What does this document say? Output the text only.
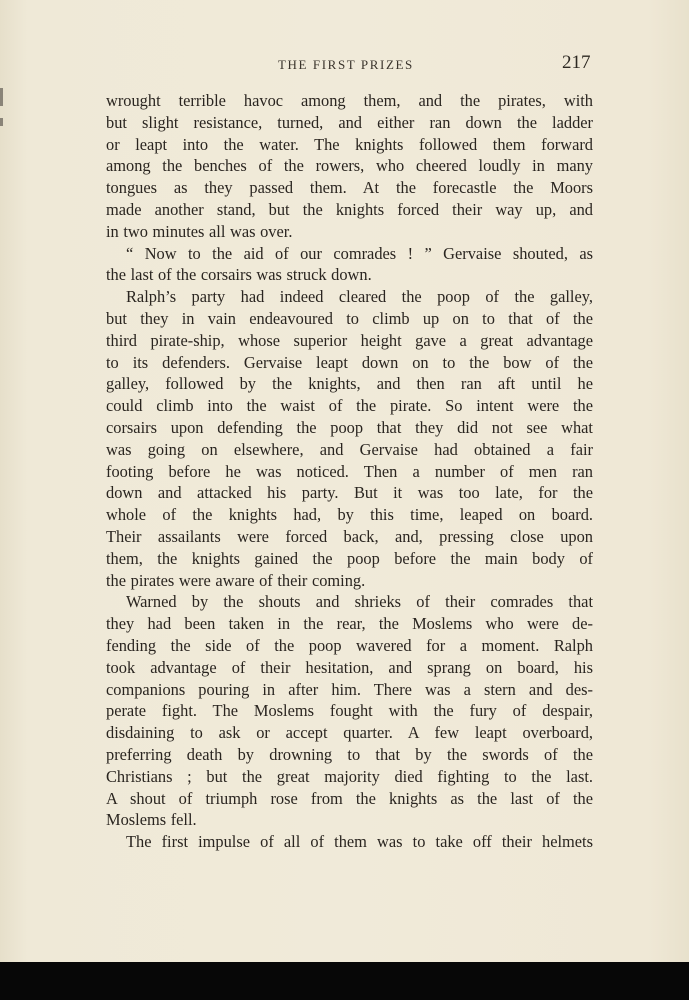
THE FIRST PRIZES	217
wrought terrible havoc among them, and the pirates, with
but slight resistance, turned, and either ran down the ladder
or leapt into the water. The knights followed them forward
among the benches of the rowers, who cheered loudly in many
tongues as they passed them. At the forecastle the Moors
made another stand, but the knights forced their way up, and
in two minutes all was over.
“ Now to the aid of our comrades ! ” Gervaise shouted, as
the last of the corsairs was struck down.
Ralph’s party had indeed cleared the poop of the galley,
but they in vain endeavoured to climb up on to that of the
third pirate-ship, whose superior height gave a great advantage
to its defenders. Gervaise leapt down on to the bow of the
galley, followed by the knights, and then ran aft until he
could climb into the waist of the pirate. So intent were the
corsairs upon defending the poop that they did not see what
was going on elsewhere, and Gervaise had obtained a fair
footing before he was noticed. Then a number of men ran
down and attacked his party. But it was too late, for the
whole of the knights had, by this time, leaped on board.
Their assailants were forced back, and, pressing close upon
them, the knights gained the poop before the main body of
the pirates were aware of their coming.
Warned by the shouts and shrieks of their comrades that
they had been taken in the rear, the Moslems who were de-
fending the side of the poop wavered for a moment. Ralph
took advantage of their hesitation, and sprang on board, his
companions pouring in after him. There was a stern and des-
perate fight. The Moslems fought with the fury of despair,
disdaining to ask or accept quarter. A few leapt overboard,
preferring death by drowning to that by the swords of the
Christians ; but the great majority died fighting to the last.
A shout of triumph rose from the knights as the last of the
Moslems fell.
The first impulse of all of them was to take off their helmets
